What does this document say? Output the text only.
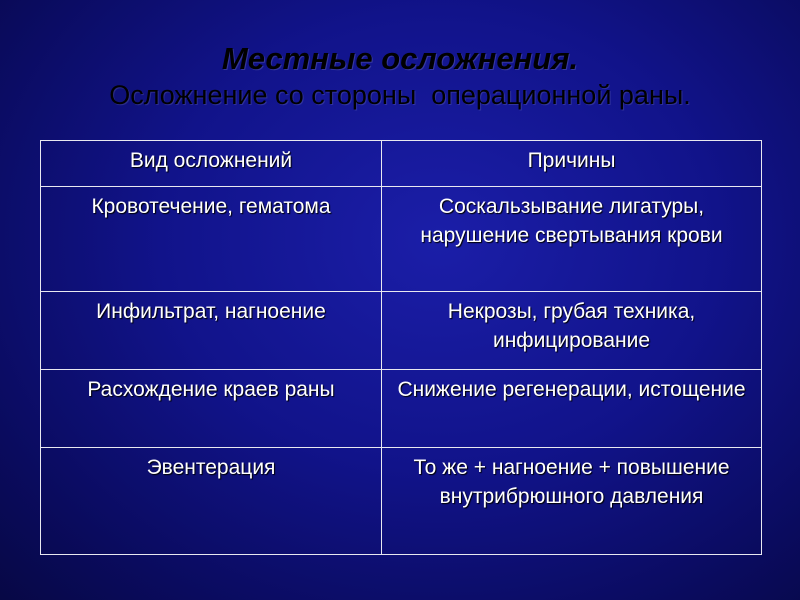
Местные осложнения.
Осложнение со стороны  операционной раны.
Вид осложнений	Причины
Кровотечение, гематома	Соскальзывание лигатуры, нарушение свертывания крови
Инфильтрат, нагноение	Некрозы, грубая техника, инфицирование
Расхождение краев раны	Снижение регенерации, истощение
Эвентерация	То же + нагноение + повышение внутрибрюшного давления
